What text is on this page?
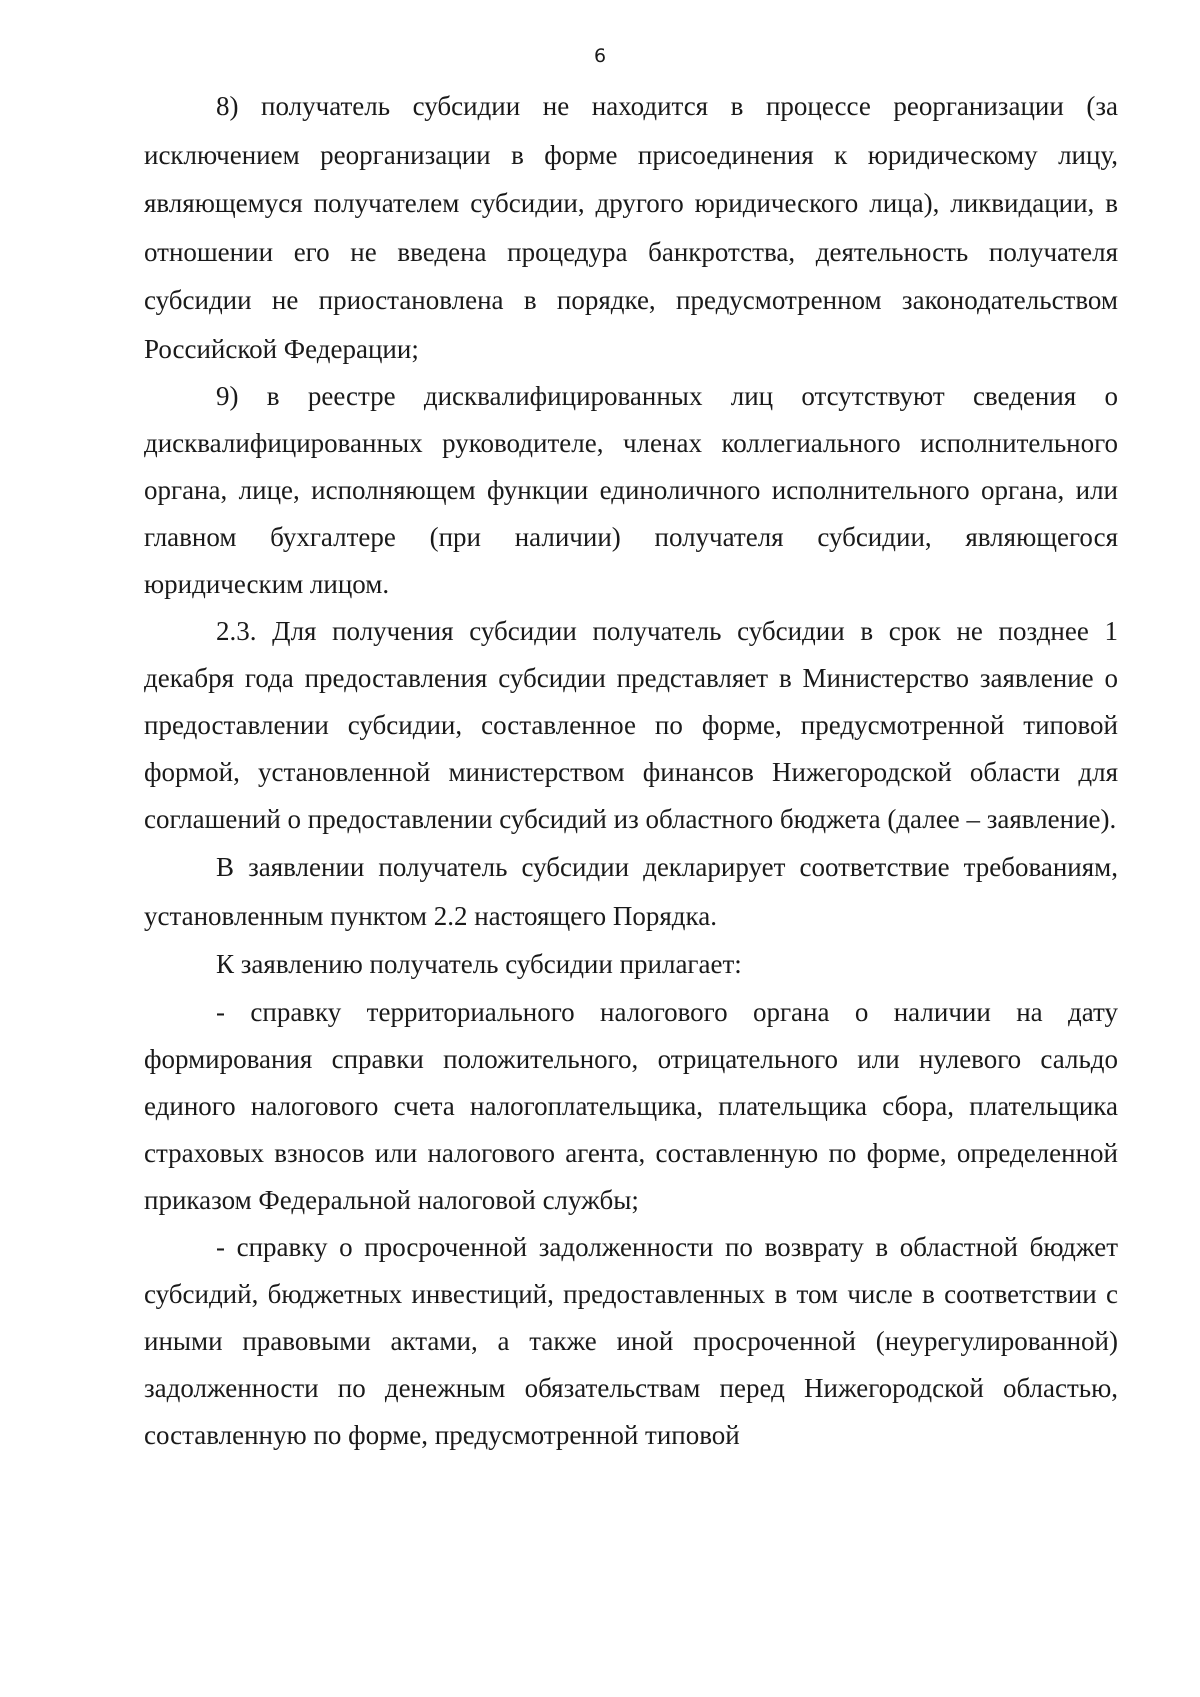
6

8) получатель субсидии не находится в процессе реорганизации (за исключением реорганизации в форме присоединения к юридическому лицу, являющемуся получателем субсидии, другого юридического лица), ликвидации, в отношении его не введена процедура банкротства, деятельность получателя субсидии не приостановлена в порядке, предусмотренном законодательством Российской Федерации;

9) в реестре дисквалифицированных лиц отсутствуют сведения о дисквалифицированных руководителе, членах коллегиального исполнительного органа, лице, исполняющем функции единоличного исполнительного органа, или главном бухгалтере (при наличии) получателя субсидии, являющегося юридическим лицом.

2.3. Для получения субсидии получатель субсидии в срок не позднее 1 декабря года предоставления субсидии представляет в Министерство заявление о предоставлении субсидии, составленное по форме, предусмотренной типовой формой, установленной министерством финансов Нижегородской области для соглашений о предоставлении субсидий из областного бюджета (далее – заявление).

В заявлении получатель субсидии декларирует соответствие требованиям, установленным пунктом 2.2 настоящего Порядка.

К заявлению получатель субсидии прилагает:

- справку территориального налогового органа о наличии на дату формирования справки положительного, отрицательного или нулевого сальдо единого налогового счета налогоплательщика, плательщика сбора, плательщика страховых взносов или налогового агента, составленную по форме, определенной приказом Федеральной налоговой службы;

- справку о просроченной задолженности по возврату в областной бюджет субсидий, бюджетных инвестиций, предоставленных в том числе в соответствии с иными правовыми актами, а также иной просроченной (неурегулированной) задолженности по денежным обязательствам перед Нижегородской областью, составленную по форме, предусмотренной типовой
